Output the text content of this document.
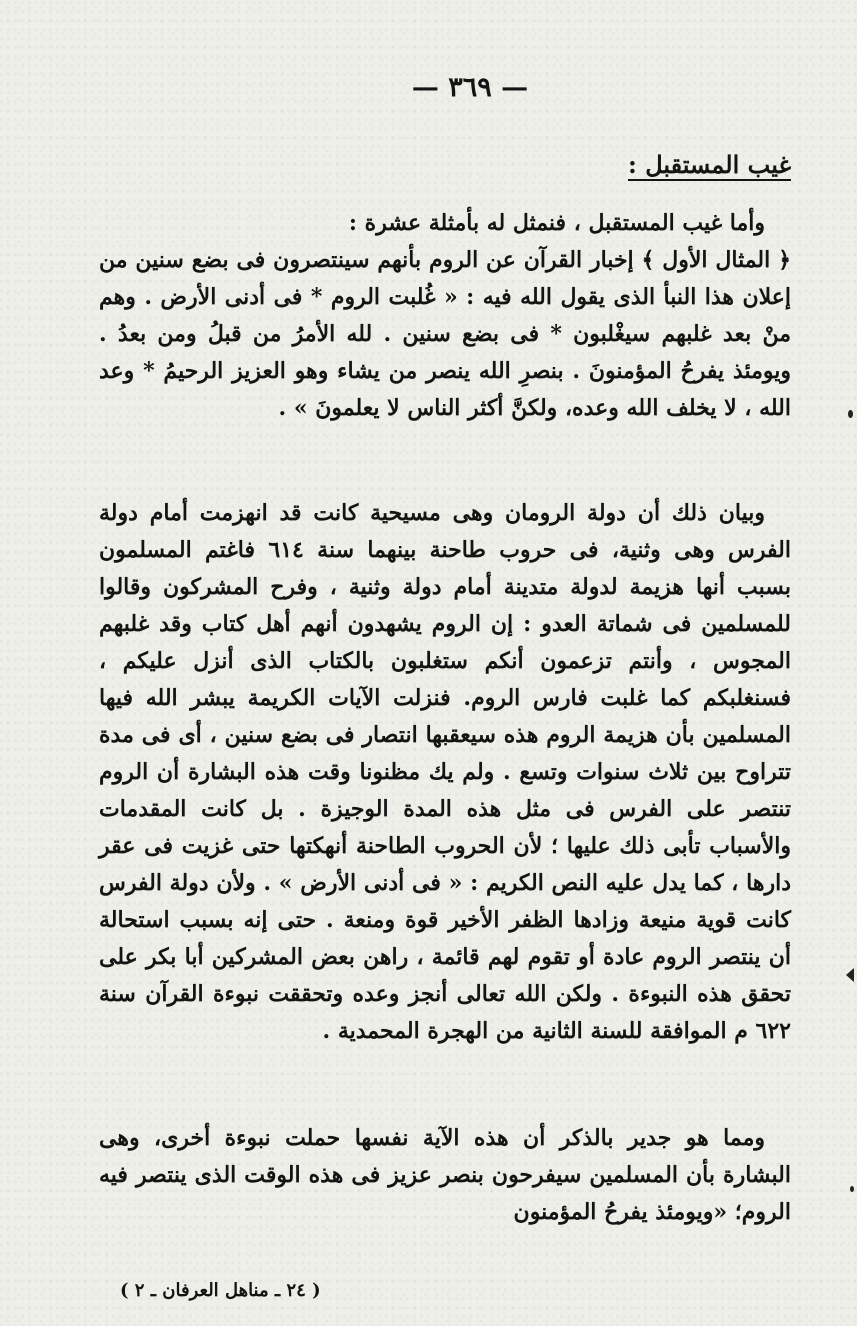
— ٣٦٩ —
غيب المستقبل :

وأما غيب المستقبل ، فنمثل له بأمثلة عشرة :

﴿ المثال الأول ﴾ إخبار القرآن عن الروم بأنهم سينتصرون فى بضع سنين من إعلان هذا النبأ الذى يقول الله فيه : « غُلبت الروم * فى أدنى الأرض . وهم منْ بعد غلبهم سيغْلبون * فى بضع سنين . لله الأمرُ من قبلُ ومن بعدُ . ويومئذ يفرحُ المؤمنونَ . بنصرِ الله ينصر من يشاء وهو العزيز الرحيمُ * وعد الله ، لا يخلف الله وعده، ولكنَّ أكثر الناس لا يعلمونَ » .

وبيان ذلك أن دولة الرومان وهى مسيحية كانت قد انهزمت أمام دولة الفرس وهى وثنية، فى حروب طاحنة بينهما سنة ٦١٤ فاغتم المسلمون بسبب أنها هزيمة لدولة متدينة أمام دولة وثنية ، وفرح المشركون وقالوا للمسلمين فى شماتة العدو : إن الروم يشهدون أنهم أهل كتاب وقد غلبهم المجوس ، وأنتم تزعمون أنكم ستغلبون بالكتاب الذى أنزل عليكم ، فسنغلبكم كما غلبت فارس الروم. فنزلت الآيات الكريمة يبشر الله فيها المسلمين بأن هزيمة الروم هذه سيعقبها انتصار فى بضع سنين ، أى فى مدة تتراوح بين ثلاث سنوات وتسع . ولم يك مظنونا وقت هذه البشارة أن الروم تنتصر على الفرس فى مثل هذه المدة الوجيزة . بل كانت المقدمات والأسباب تأبى ذلك عليها ؛ لأن الحروب الطاحنة أنهكتها حتى غزيت فى عقر دارها ، كما يدل عليه النص الكريم : « فى أدنى الأرض » . ولأن دولة الفرس كانت قوية منيعة وزادها الظفر الأخير قوة ومنعة . حتى إنه بسبب استحالة أن ينتصر الروم عادة أو تقوم لهم قائمة ، راهن بعض المشركين أبا بكر على تحقق هذه النبوءة . ولكن الله تعالى أنجز وعده وتحققت نبوءة القرآن سنة ٦٢٢ م الموافقة للسنة الثانية من الهجرة المحمدية .

ومما هو جدير بالذكر أن هذه الآية نفسها حملت نبوءة أخرى، وهى البشارة بأن المسلمين سيفرحون بنصر عزيز فى هذه الوقت الذى ينتصر فيه الروم؛ «ويومئذ يفرحُ المؤمنون

( ٢٤ ـ مناهل العرفان ـ ٢ )
